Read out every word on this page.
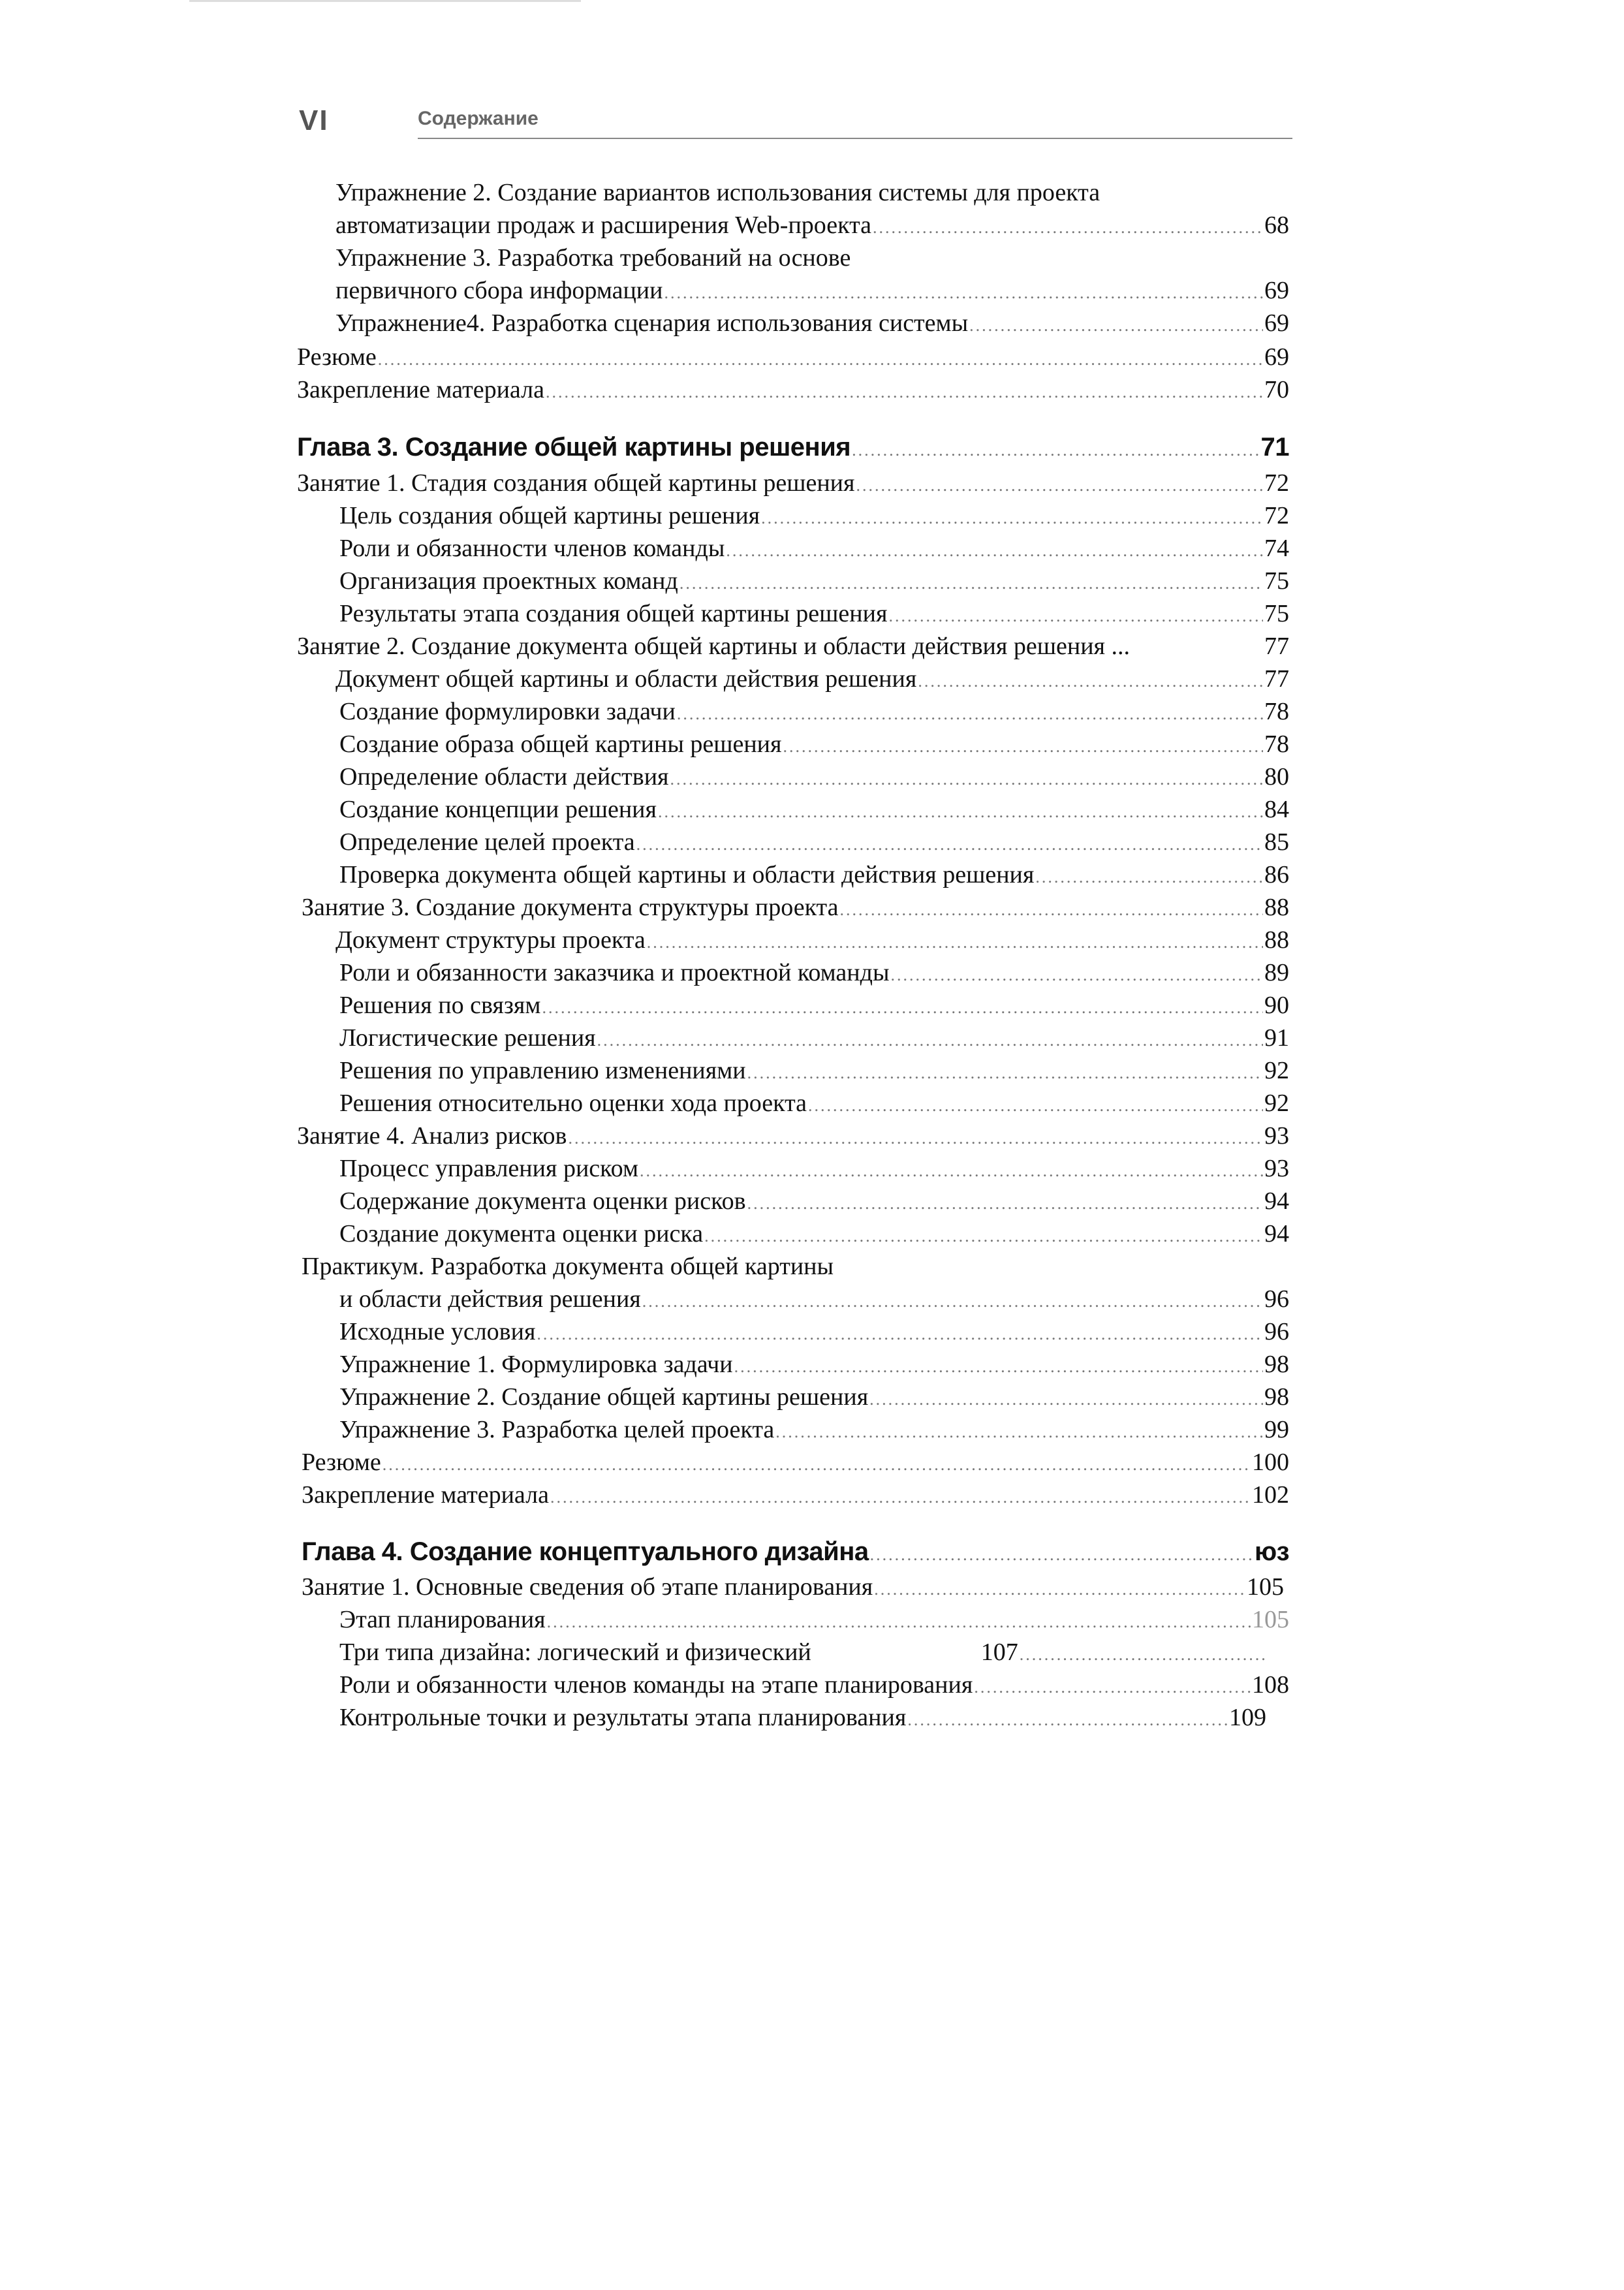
VI	Содержание
Упражнение 2. Создание вариантов использования системы для проекта
автоматизации продаж и расширения Web-проекта .....	68
Упражнение 3. Разработка требований на основе
первичного сбора информации .....	69
Упражнение4. Разработка сценария использования системы .....	69
Резюме .....	69
Закрепление материала .....	70
Глава 3. Создание общей картины решения .....	71
Занятие 1. Стадия создания общей картины решения .....	72
Цель создания общей картины решения .....	72
Роли и обязанности членов команды .....	74
Организация проектных команд .....	75
Результаты этапа создания общей картины решения .....	75
Занятие 2. Создание документа общей картины и области действия решения ...	77
Документ общей картины и области действия решения .....	77
Создание формулировки задачи .....	78
Создание образа общей картины решения .....	78
Определение области действия .....	80
Создание концепции решения .....	84
Определение целей проекта .....	85
Проверка документа общей картины и области действия решения .....	86
Занятие 3. Создание документа структуры проекта .....	88
Документ структуры проекта .....	88
Роли и обязанности заказчика и проектной команды .....	89
Решения по связям .....	90
Логистические решения .....	91
Решения по управлению изменениями .....	92
Решения относительно оценки хода проекта .....	92
Занятие 4. Анализ рисков .....	93
Процесс управления риском .....	93
Содержание документа оценки рисков .....	94
Создание документа оценки риска .....	94
Практикум. Разработка документа общей картины
и области действия решения .....	96
Исходные условия .....	96
Упражнение 1. Формулировка задачи .....	98
Упражнение 2. Создание общей картины решения .....	98
Упражнение 3. Разработка целей проекта .....	99
Резюме .....	100
Закрепление материала .....	102
Глава 4. Создание концептуального дизайна .....	юз
Занятие 1. Основные сведения об этапе планирования .....	105
Этап планирования .....	105
Три типа дизайна: логический и физический	107
.....
Роли и обязанности членов команды на этапе планирования .....	108
Контрольные точки и результаты этапа планирования .....	109
